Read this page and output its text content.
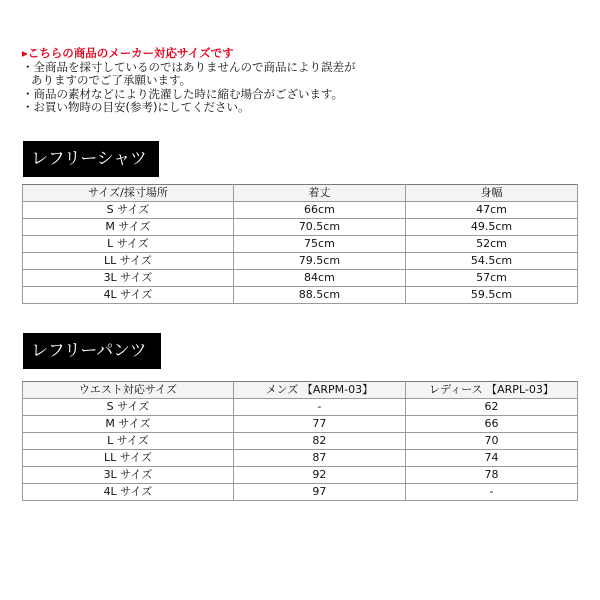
▸こちらの商品のメーカー対応サイズです
・全商品を採寸しているのではありませんので商品により誤差が
ありますのでご了承願います。
・商品の素材などにより洗濯した時に縮む場合がございます。
・お買い物時の目安(参考)にしてください。
レフリーシャツ
サイズ/採寸場所	着丈	身幅
S サイズ	66cm	47cm
M サイズ	70.5cm	49.5cm
L サイズ	75cm	52cm
LL サイズ	79.5cm	54.5cm
3L サイズ	84cm	57cm
4L サイズ	88.5cm	59.5cm
レフリーパンツ
ウエスト対応サイズ	メンズ 【ARPM-03】	レディース 【ARPL-03】
S サイズ	-	62
M サイズ	77	66
L サイズ	82	70
LL サイズ	87	74
3L サイズ	92	78
4L サイズ	97	-
